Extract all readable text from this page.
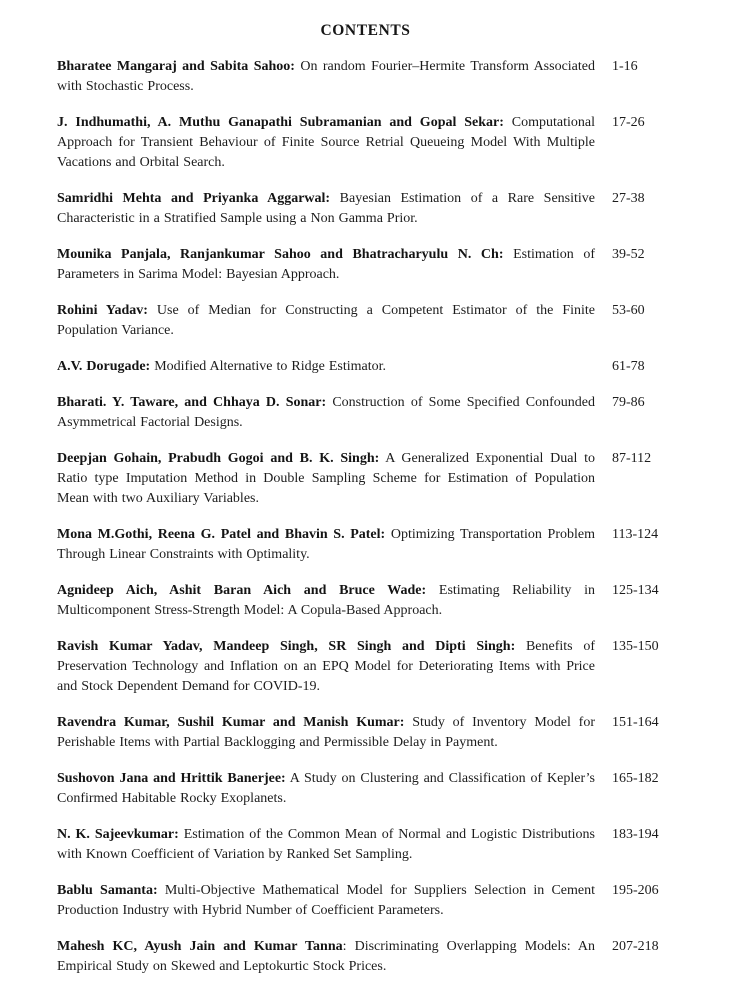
CONTENTS
Bharatee Mangaraj and Sabita Sahoo: On random Fourier–Hermite Transform Associated with Stochastic Process.
1-16
J. Indhumathi, A. Muthu Ganapathi Subramanian and Gopal Sekar: Computational Approach for Transient Behaviour of Finite Source Retrial Queueing Model With Multiple Vacations and Orbital Search.
17-26
Samridhi Mehta and Priyanka Aggarwal: Bayesian Estimation of a Rare Sensitive Characteristic in a Stratified Sample using a Non Gamma Prior.
27-38
Mounika Panjala, Ranjankumar Sahoo and Bhatracharyulu N. Ch: Estimation of Parameters in Sarima Model: Bayesian Approach.
39-52
Rohini Yadav: Use of Median for Constructing a Competent Estimator of the Finite Population Variance.
53-60
A.V. Dorugade: Modified Alternative to Ridge Estimator.	61-78
Bharati. Y. Taware, and Chhaya D. Sonar: Construction of Some Specified Confounded Asymmetrical Factorial Designs.
79-86
Deepjan Gohain, Prabudh Gogoi and B. K. Singh: A Generalized Exponential Dual to Ratio type Imputation Method in Double Sampling Scheme for Estimation of Population Mean with two Auxiliary Variables.
87-112
Mona M.Gothi, Reena G. Patel and Bhavin S. Patel: Optimizing Transportation Problem Through Linear Constraints with Optimality.
113-124
Agnideep Aich, Ashit Baran Aich and Bruce Wade: Estimating Reliability in Multicomponent Stress-Strength Model: A Copula-Based Approach.
125-134
Ravish Kumar Yadav, Mandeep Singh, SR Singh and Dipti Singh: Benefits of Preservation Technology and Inflation on an EPQ Model for Deteriorating Items with Price and Stock Dependent Demand for COVID-19.
135-150
Ravendra Kumar, Sushil Kumar and Manish Kumar: Study of Inventory Model for Perishable Items with Partial Backlogging and Permissible Delay in Payment.
151-164
Sushovon Jana and Hrittik Banerjee: A Study on Clustering and Classification of Kepler’s Confirmed Habitable Rocky Exoplanets.
165-182
N. K. Sajeevkumar: Estimation of the Common Mean of Normal and Logistic Distributions with Known Coefficient of Variation by Ranked Set Sampling.
183-194
Bablu Samanta: Multi-Objective Mathematical Model for Suppliers Selection in Cement Production Industry with Hybrid Number of Coefficient Parameters.
195-206
Mahesh KC, Ayush Jain and Kumar Tanna: Discriminating Overlapping Models: An Empirical Study on Skewed and Leptokurtic Stock Prices.
207-218
